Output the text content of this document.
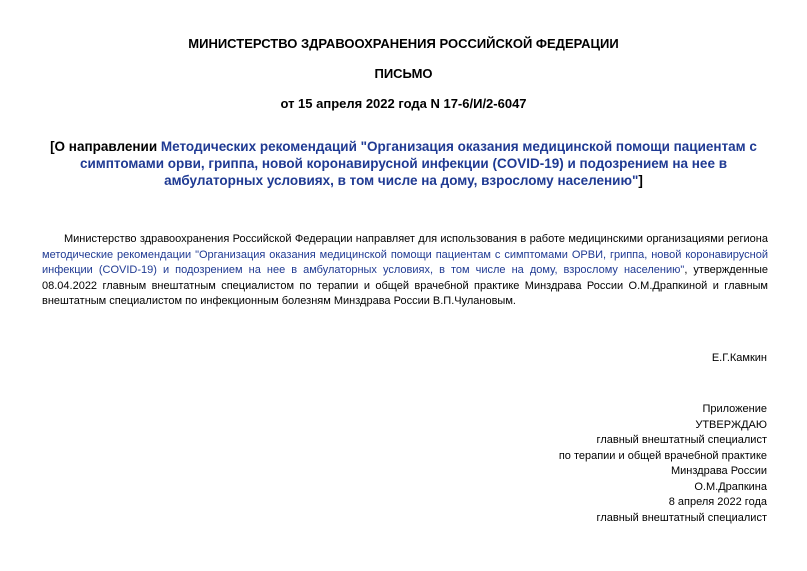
МИНИСТЕРСТВО ЗДРАВООХРАНЕНИЯ РОССИЙСКОЙ ФЕДЕРАЦИИ

ПИСЬМО

от 15 апреля 2022 года N 17-6/И/2-6047

[О направлении Методических рекомендаций "Организация оказания медицинской помощи пациентам с симптомами орви, гриппа, новой коронавирусной инфекции (COVID-19) и подозрением на нее в амбулаторных условиях, в том числе на дому, взрослому населению"]

Министерство здравоохранения Российской Федерации направляет для использования в работе медицинскими организациями региона методические рекомендации "Организация оказания медицинской помощи пациентам с симптомами ОРВИ, гриппа, новой коронавирусной инфекции (COVID-19) и подозрением на нее в амбулаторных условиях, в том числе на дому, взрослому населению", утвержденные 08.04.2022 главным внештатным специалистом по терапии и общей врачебной практике Минздрава России О.М.Драпкиной и главным внештатным специалистом по инфекционным болезням Минздрава России В.П.Чулановым.

Е.Г.Камкин

Приложение
УТВЕРЖДАЮ
главный внештатный специалист
по терапии и общей врачебной практике
Минздрава России
О.М.Драпкина
8 апреля 2022 года
главный внештатный специалист
